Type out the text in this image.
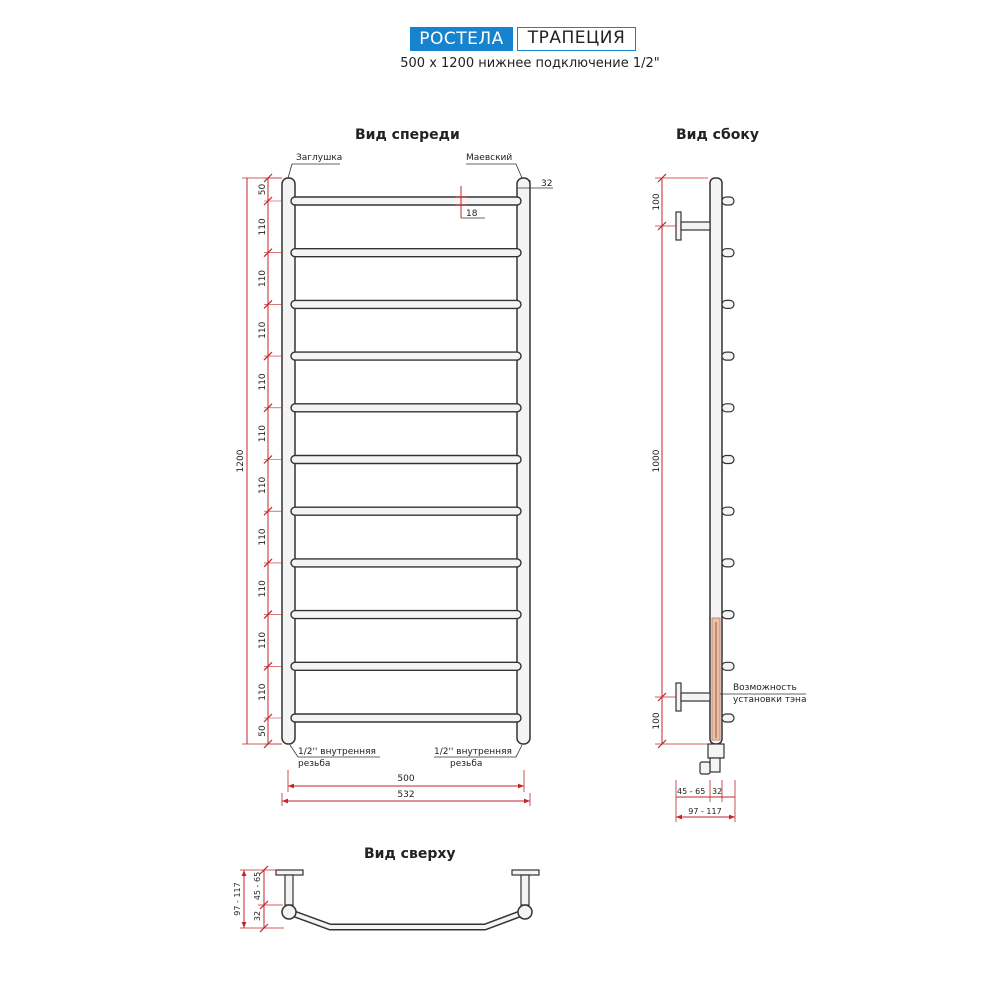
РОСТЕЛА	ТРАПЕЦИЯ
500 х 1200 нижнее подключение 1/2"
Вид спереди	Вид сбоку
Вид сверху
Заглушка	Маевский
32
18
1200
50
110
110
110
110
110
110
110
110
110
110
50
1/2'' внутренняя
резьба
1/2'' внутренняя
резьба
500
532
Возможность
установки тэна
100
1000
100
45 - 65 32
97 - 117
97 - 117
32
45 - 65
